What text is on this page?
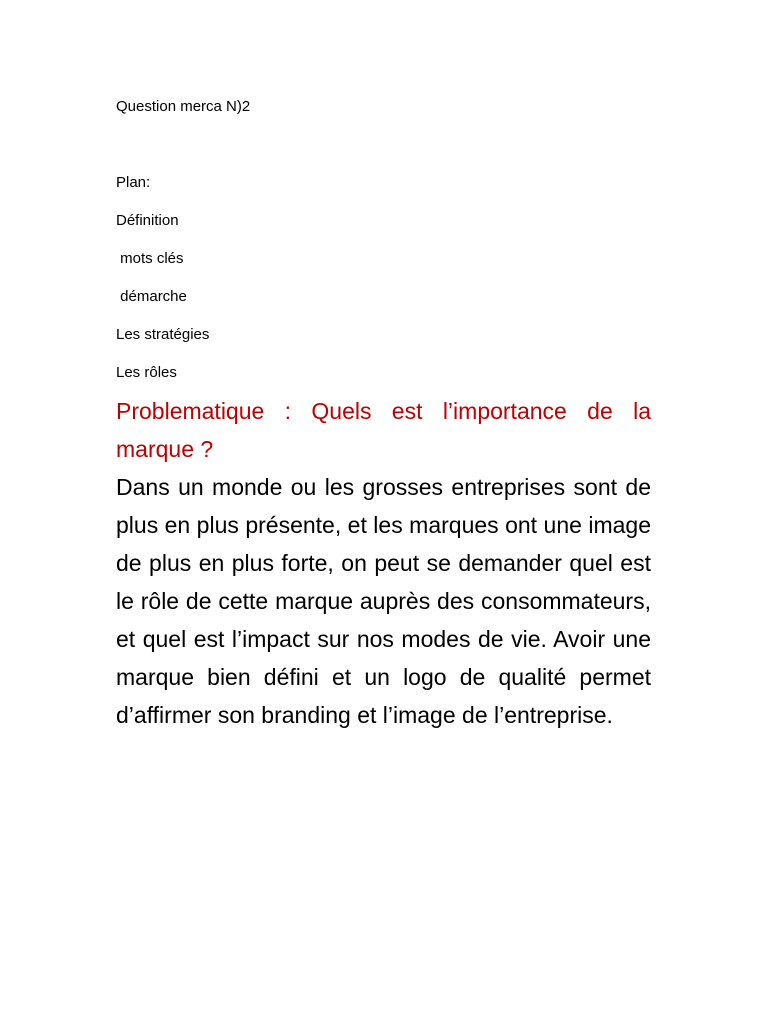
Question merca N)2
Plan:
Définition
mots clés
démarche
Les stratégies
Les rôles
Problematique : Quels est l’importance de la marque ?
Dans un monde ou les grosses entreprises sont de plus en plus présente, et les marques ont une image de plus en plus forte, on peut se demander quel est le rôle de cette marque auprès des consommateurs, et quel est l’impact sur nos modes de vie. Avoir une marque bien défini et un logo de qualité permet d’affirmer son branding et l’image de l’entreprise.
